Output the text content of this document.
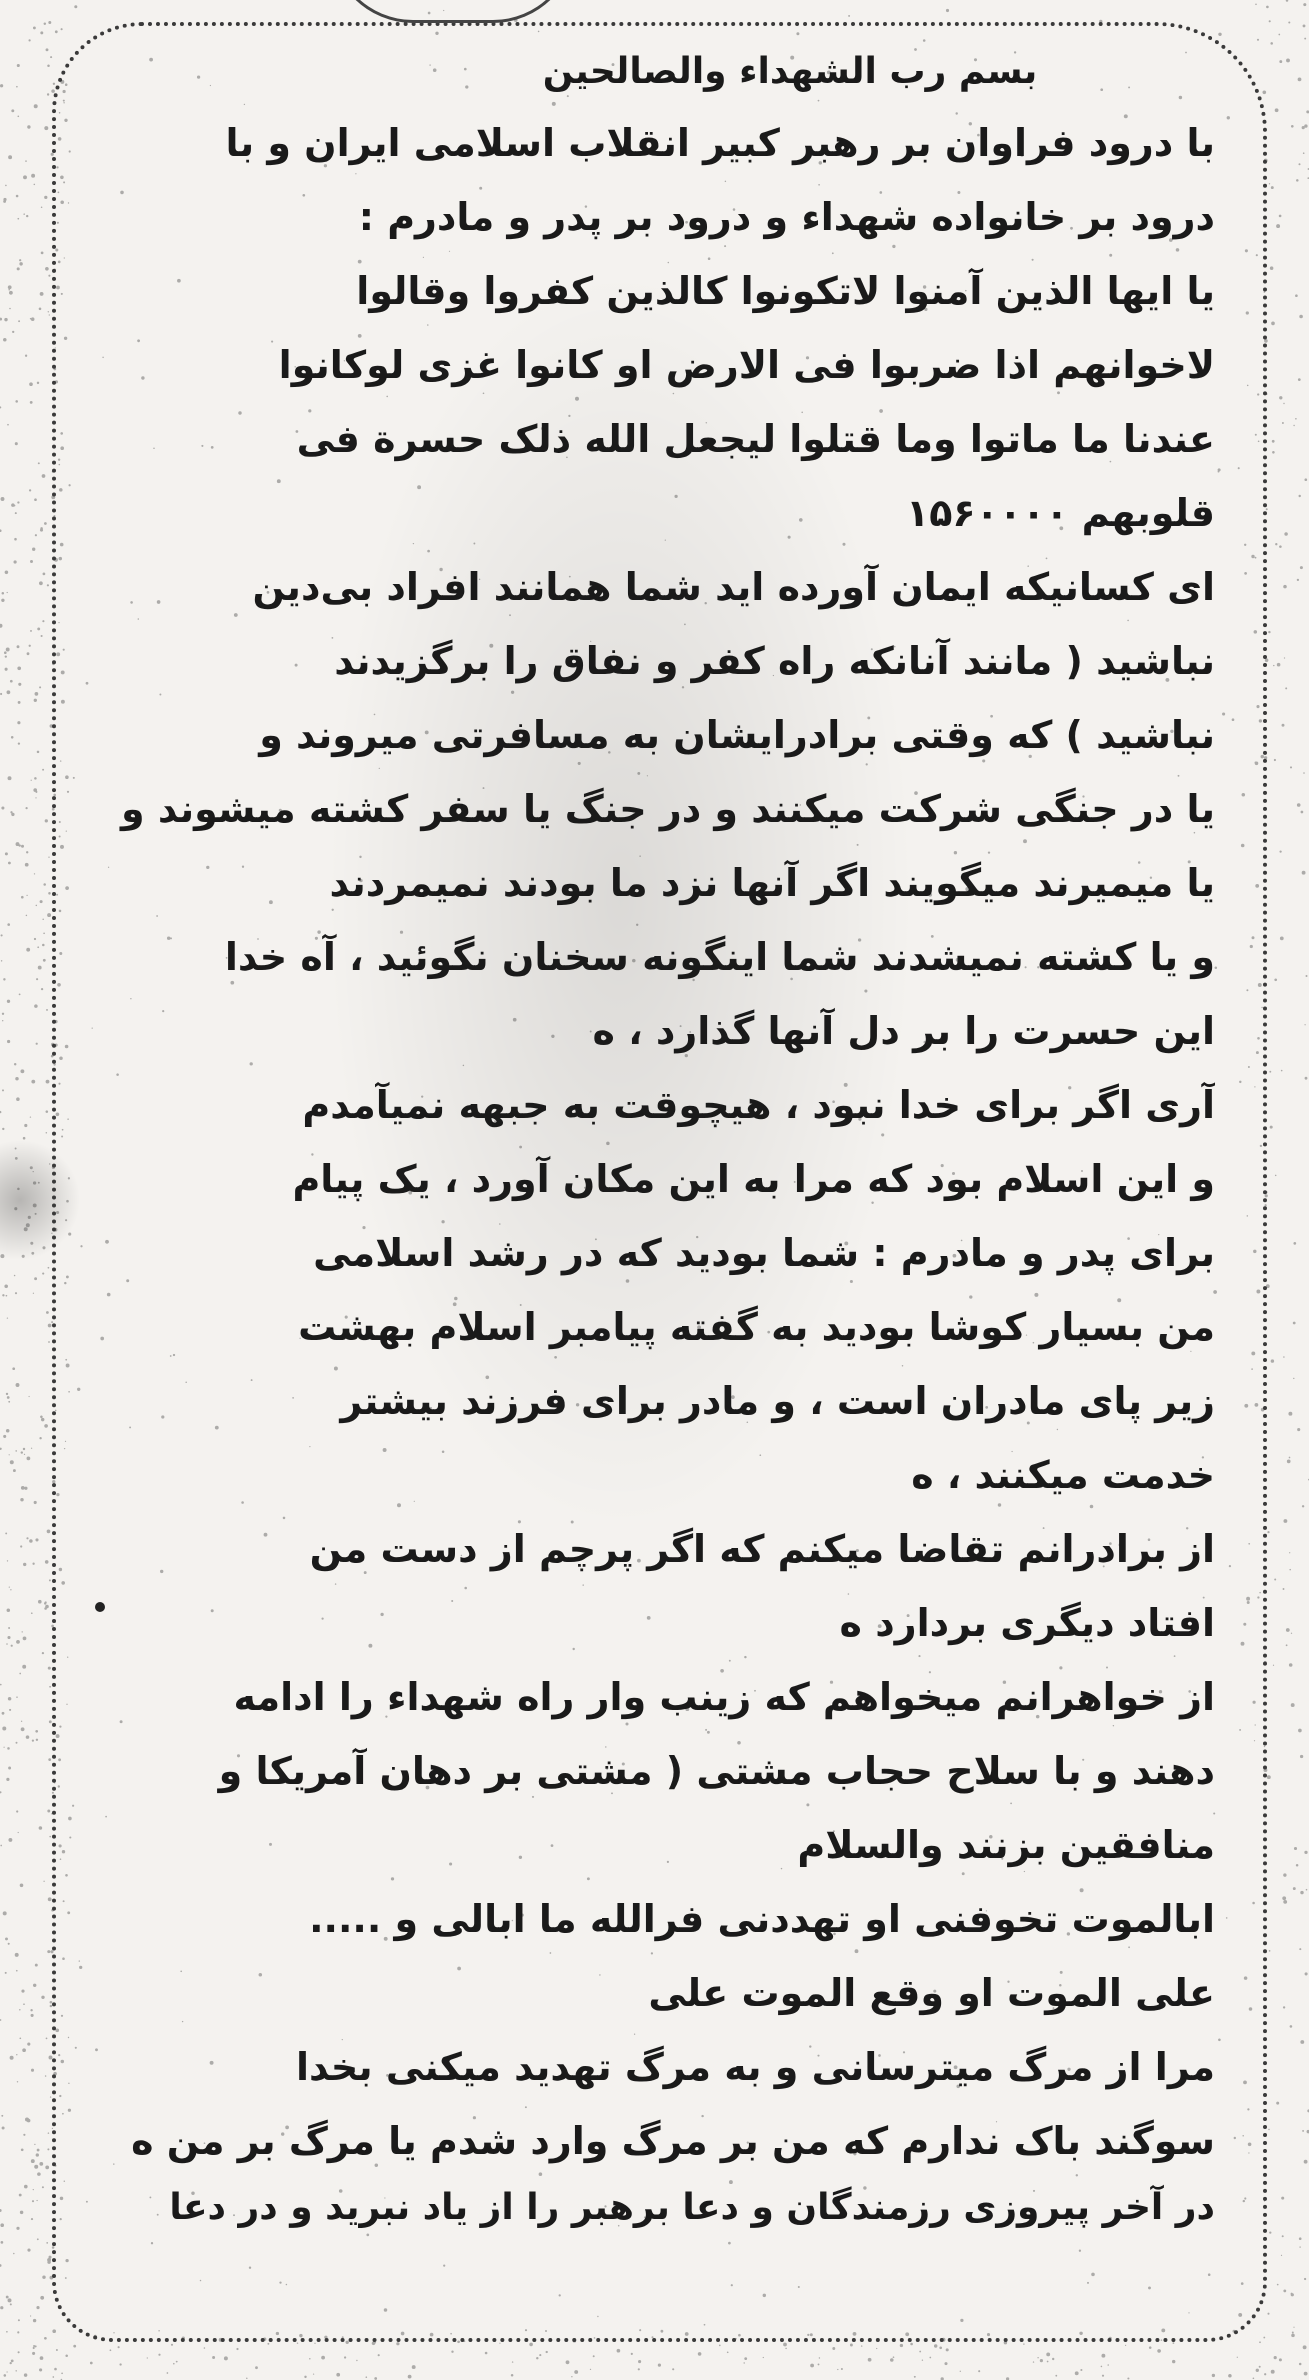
بسم رب الشهداء والصالحین
با درود فراوان بر رهبر کبیر انقلاب اسلامی ایران و با
درود بر خانواده شهداء و درود بر پدر و مادرم :
یا ایها الذین آمنوا لاتکونوا کالذین کفروا وقالوا
لاخوانهم اذا ضربوا فی الارض او کانوا غزی لوکانوا
عندنا ما ماتوا وما قتلوا لیجعل الله ذلک حسرة فی
قلوبهم ۱۵۶۰۰۰۰
ای کسانیکه ایمان آورده اید شما همانند افراد بی‌دین
نباشید ( مانند آنانکه راه کفر و نفاق را برگزیدند
نباشید ) که وقتی برادرایشان به مسافرتی میروند و
یا در جنگی شرکت میکنند و در جنگ یا سفر کشته میشوند و
یا میمیرند میگویند اگر آنها نزد ما بودند نمیمردند
و یا کشته نمیشدند شما اینگونه سخنان نگوئید ، آه خدا
این حسرت را بر دل آنها گذارد ، ه
آری اگر برای خدا نبود ، هیچوقت به جبهه نمیآمدم
و این اسلام بود که مرا به این مکان آورد ، یک پیام
برای پدر و مادرم : شما بودید که در رشد اسلامی
من بسیار کوشا بودید به گفته پیامبر اسلام بهشت
زیر پای مادران است ، و مادر برای فرزند بیشتر
خدمت میکنند ، ه
از برادرانم تقاضا میکنم که اگر پرچم از دست من
افتاد دیگری بردارد ه
از خواهرانم میخواهم که زینب وار راه شهداء را ادامه
دهند و با سلاح حجاب مشتی ( مشتی بر دهان آمریکا و
منافقین بزنند والسلام
ابالموت تخوفنی او تهددنی فرالله ما ابالی و .....
علی الموت او وقع الموت علی
مرا از مرگ میترسانی و به مرگ تهدید میکنی بخدا
سوگند باک ندارم که من بر مرگ وارد شدم یا مرگ بر من ه
در آخر پیروزی رزمندگان و دعا برهبر را از یاد نبرید و در دعا
